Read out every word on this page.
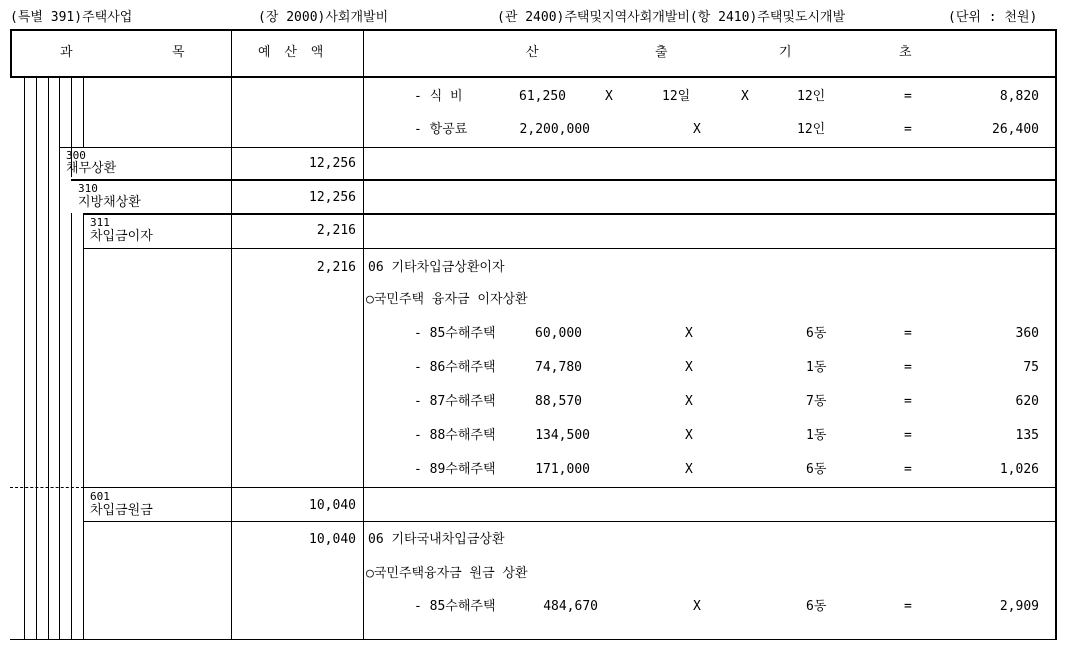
(특별 391)주택사업	(장 2000)사회개발비	(관 2400)주택및지역사회개발비(항 2410)주택및도시개발	(단위 : 천원)
과	목	예 산 액	산	출	기	초
- 식 비	61,250	X	12일	X	12인	=	8,820
- 항공료	2,200,000	X	12인	=	26,400
300
채무상환	12,256
310
지방채상환	12,256
311
차입금이자	2,216
2,216 06 기타차입금상환이자
○국민주택 융자금 이자상환
- 85수해주택	60,000	X	6동	=	360
- 86수해주택	74,780	X	1동	=	75
- 87수해주택	88,570	X	7동	=	620
- 88수해주택	134,500	X	1동	=	135
- 89수해주택	171,000	X	6동	=	1,026
601
차입금원금	10,040
10,040 06 기타국내차입금상환
○국민주택융자금 원금 상환
- 85수해주택	484,670	X	6동	=	2,909
